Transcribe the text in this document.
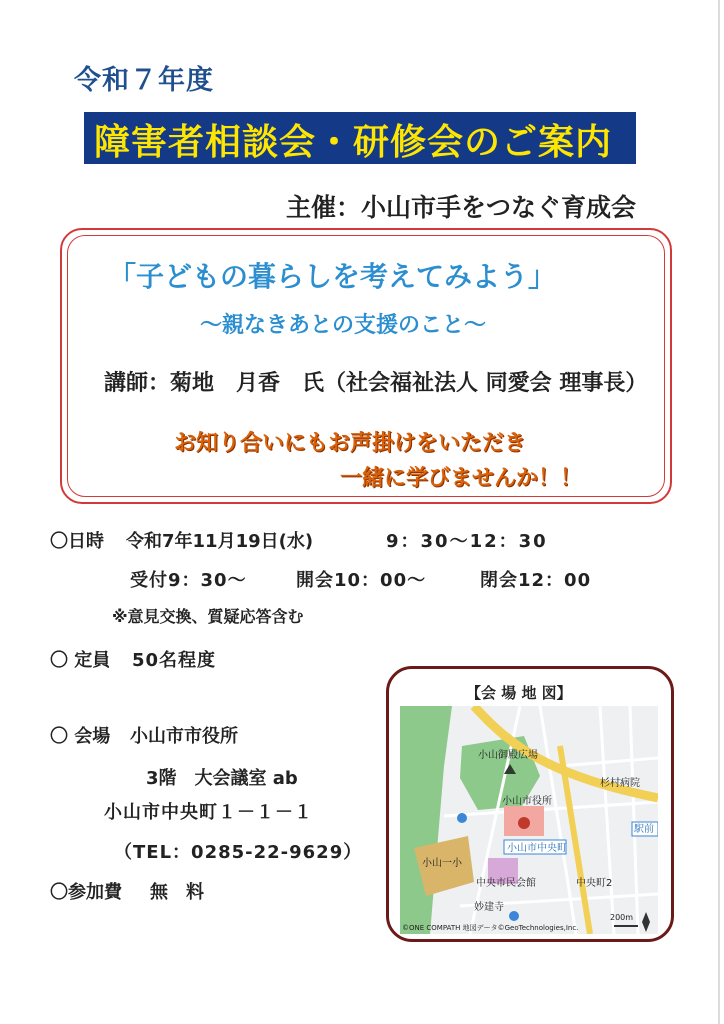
令和７年度
障害者相談会・研修会のご案内
主催：小山市手をつなぐ育成会
「子どもの暮らしを考えてみよう」
～親なきあとの支援のこと～
講師：菊地　月香　氏（社会福祉法人 同愛会 理事長）
お知り合いにもお声掛けをいただき
一緒に学びませんか！！
〇日時 令和7年11月19日(水)	9：30～12：30
受付9：30～	開会10：00～	閉会12：00
※意見交換、質疑応答含む
〇 定員 50名程度
〇 会場 小山市市役所
3階　大会議室 ab
小山市中央町１－１－１
（TEL：0285-22-9629）
〇参加費 無　料
【会 場 地 図】
小山御殿広場
杉村病院
小山市役所
駅前
小山市中央町
小山一小
中央市民会館	中央町2
妙建寺
200m
©ONE COMPATH 地図データ©GeoTechnologies,Inc.
